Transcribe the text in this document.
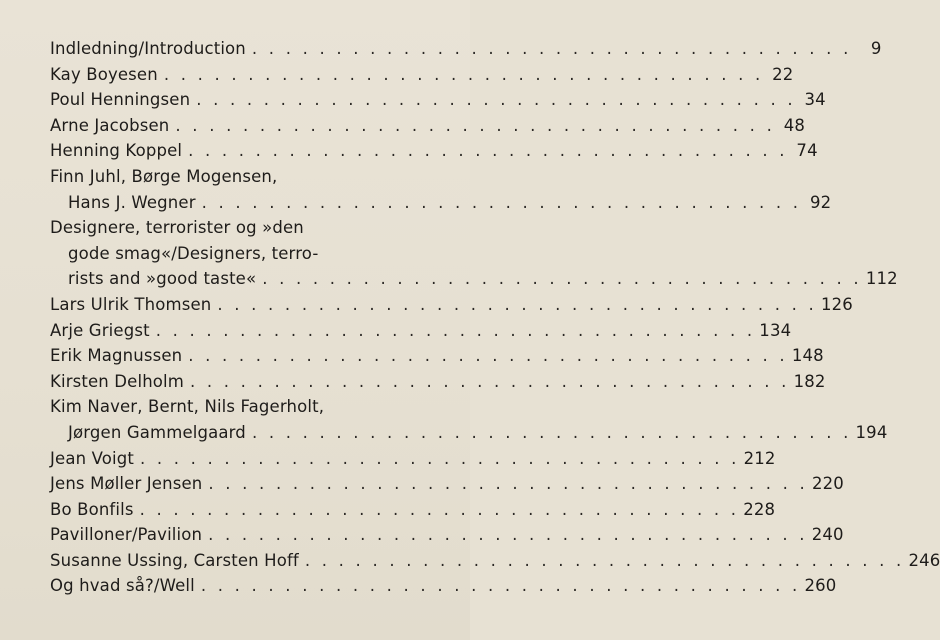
Indledning/Introduction . . . . . . . . . . . . . . . . . . . . . . . . . . . . . . . . . . . .	9
Kay Boyesen . . . . . . . . . . . . . . . . . . . . . . . . . . . . . . . . . . . . 22
Poul Henningsen . . . . . . . . . . . . . . . . . . . . . . . . . . . . . . . . . . . . 34
Arne Jacobsen . . . . . . . . . . . . . . . . . . . . . . . . . . . . . . . . . . . . 48
Henning Koppel . . . . . . . . . . . . . . . . . . . . . . . . . . . . . . . . . . . . 74
Finn Juhl, Børge Mogensen,
Hans J. Wegner . . . . . . . . . . . . . . . . . . . . . . . . . . . . . . . . . . . . 92
Designere, terrorister og »den
gode smag«/Designers, terro-
rists and »good taste« . . . . . . . . . . . . . . . . . . . . . . . . . . . . . . . . . . . . 112
Lars Ulrik Thomsen . . . . . . . . . . . . . . . . . . . . . . . . . . . . . . . . . . . . 126
Arje Griegst . . . . . . . . . . . . . . . . . . . . . . . . . . . . . . . . . . . . 134
Erik Magnussen . . . . . . . . . . . . . . . . . . . . . . . . . . . . . . . . . . . . 148
Kirsten Delholm . . . . . . . . . . . . . . . . . . . . . . . . . . . . . . . . . . . . 182
Kim Naver, Bernt, Nils Fagerholt,
Jørgen Gammelgaard . . . . . . . . . . . . . . . . . . . . . . . . . . . . . . . . . . . . 194
Jean Voigt . . . . . . . . . . . . . . . . . . . . . . . . . . . . . . . . . . . . 212
Jens Møller Jensen . . . . . . . . . . . . . . . . . . . . . . . . . . . . . . . . . . . . 220
Bo Bonfils . . . . . . . . . . . . . . . . . . . . . . . . . . . . . . . . . . . . 228
Pavilloner/Pavilion . . . . . . . . . . . . . . . . . . . . . . . . . . . . . . . . . . . . 240
Susanne Ussing, Carsten Hoff . . . . . . . . . . . . . . . . . . . . . . . . . . . . . . . . . . . . 246
Og hvad så?/Well . . . . . . . . . . . . . . . . . . . . . . . . . . . . . . . . . . . . 260
